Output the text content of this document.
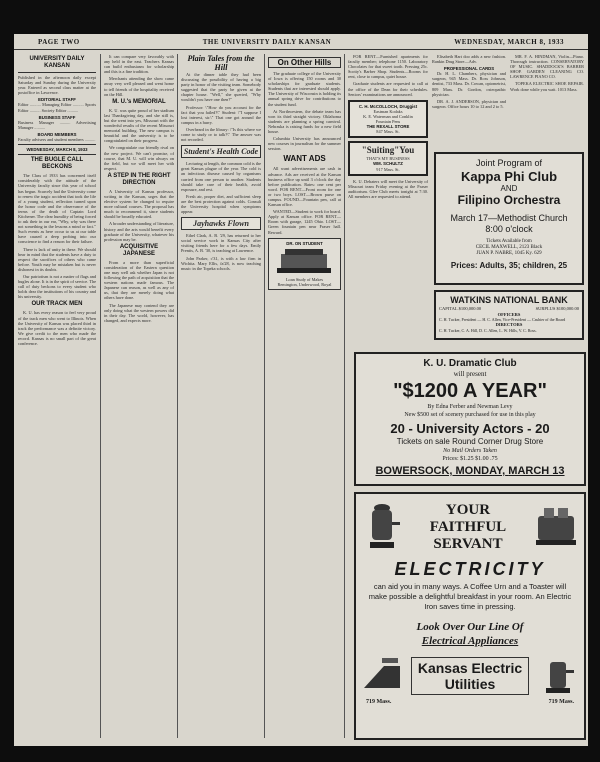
PAGE TWO	THE UNIVERSITY DAILY KANSAN	WEDNESDAY, MARCH 8, 1933
UNIVERSITY DAILY KANSAN

Published in the afternoon daily except Saturday and Sunday during the University year. Entered as second class matter at the postoffice in Lawrence.

EDITORIAL STAFF

Editor .......... Managing Editor .......... Sports Editor .......... Society Editor ..........

BUSINESS STAFF

Business Manager .......... Advertising Manager ..........

BOARD MEMBERS

Faculty advisers and student members ..........

WEDNESDAY, MARCH 8, 1933
THE BUGLE CALL BECKONS

The Class of 1933 has concerned itself considerably with the attitude of the University faculty since this year of school has begun. Scarcely had the University come to renew the tragic accident that took the life of a young student, reflection turned upon the honor code and the observance of the terms of the death of Captain Lord Kitchener. The clear humility of being forced to ask their in our ear, "Why, why was there not something in the lessons a mind or fact." Such events as here occur to us at our table have caused a deep probing into our conscience to find a reason for their failure.

There is lack of unity in these. We should bear in mind that the students have a duty to respect the sacrifices of others who came before. Youth may be mistaken but is never dishonest in its doubts.

Our patriotism is not a matter of flags and bugles alone. It is in the spirit of service. The call of duty beckons to every student who holds dear the institutions of his country and his university.

OUR TRACK MEN

K. U. has every reason to feel very proud of the track men who went to Illinois. When the University of Kansas was placed third in track the performance was a definite victory. We give credit to the men who made the record. Kansas is no small part of the great conference.

It can compare very favorably with any held in the east. Teachers Kansas can build enthusiasm for scholarship and this is a fine tradition.

Merchants attending the show came away very well pleased and went home to tell friends of the hospitality received on the Hill.

M. U.'s MEMORIAL

K. U. was quite proud of her stadium last Thanksgiving day, and she still is, but she went into yes, Missouri with the wonderful results of the recent Missouri memorial building. The new campus is beautiful and the university is to be congratulated on their progress.

We congratulate our friendly rival on the new project. We can't promise, of course, that M. U. will win always on the field, but we will meet her with respect.

A STEP IN THE RIGHT DIRECTION

A University of Kansas professor, writing in the Kansan, urges that the elective system be changed to require more cultural courses. The proposal has much to recommend it, since students should be broadly educated.

A broader understanding of literature, history and the arts would benefit every graduate of the University, whatever his profession may be.

ACQUISITIVE JAPANESE

From a more than superficial consideration of the Eastern question one may well ask whether Japan is not following the path of acquisition that the western nations made famous. The Japanese can reason, as well as any of us, that they are merely doing what others have done.

The Japanese may contend they are only doing what the western powers did in their day. The world, however, has changed, and expects more.

Plain Tales from the Hill

At the dinner table they had been discussing the possibility of having a big party in honor of the visiting team. Somebody suggested that the party be given at the chapter house. "Well," she queried, "Why wouldn't you have one then?"

Professor: \"How do you account for the fact that you failed?\" Student: \"I suppose I lost interest, sir.\" That one got around the campus in a hurry.

Overheard in the library: \"Is this where we come to study or to talk?\" The answer was not recorded.

Student's Health Code

Lecturing at length, the common cold is the great Kansas plague of the year. The cold is an infectious disease caused by organisms carried from one person to another. Students should take care of their health, avoid exposure, and rest.

Fresh air, proper diet, and sufficient sleep are the best protection against colds. Consult the University hospital when symptoms appear.

Jayhawks Flown

Ethel Clark, A. B. '29, has returned to her social service work in Kansas City after visiting friends here for a few days. Emily Prentis, A. B. '30, is teaching at Lawrence.

John Parker, c'31, is with a law firm in Wichita. Mary Ellis, fa'28, is now teaching music in the Topeka schools.

On Other Hills

The graduate college of the University of Iowa is offering 150 rooms and 30 scholarships for graduate students. Students that are interested should apply. The University of Wisconsin is holding its annual spring drive for contributions to the student fund.

At Northwestern, the debate team has won its third straight victory. Oklahoma students are planning a spring carnival. Nebraska is raising funds for a new field house.

Columbia University has announced new courses in journalism for the summer session.

WANT ADS

All want advertisements are cash in advance. Ads are received at the Kansan business office up until 3 o'clock the day before publication. Rates: one cent per word. FOR RENT—Front room for one or two boys. LOST—Brown purse on campus. FOUND—Fountain pen, call at Kansan office.

WANTED—Student to work for board. Apply at Kansan office. FOR RENT—Room with garage, 1245 Ohio. LOST—Green fountain pen near Fraser hall. Reward.

DR. ON STUDENT
Loan Study of Makes
Remington, Underwood, Royal

FOR RENT—Furnished apartments for faculty member; telephone 1150. Laboratory Chocolates for that sweet tooth. Pressing 25c. Scotty's Barber Shop. Students—Rooms for rent, close to campus, quiet house.

Graduate students are requested to call at the office of the Dean for their schedules. Seniors' examinations are announced.

C. H. McCOLLOCH, Druggist
Eastman Kodaks
K. E. Waterman and Conklin
Fountain Pens
THE REXALL STORE
847 Mass. St.
"Suiting"You
THAT'S MY BUSINESS
WM. SCHULTZ
917 Mass. St.

K. U. Debaters will meet the University of Missouri team Friday evening at the Fraser auditorium. Glee Club meets tonight at 7:30. All members are requested to attend.

Elisabeth Hart doo adds a new fashion. Rankin Drug Store—Adv.

PROFESSIONAL CARDS

Dr. H. L. Chambers, physician and surgeon, 945 Mass. Dr. Ross Johnson, dentist, 733 Mass. Dr. Cowan, optometrist, 809 Mass. Dr. Gordon, osteopathic physician.

DR. A. J. ANDERSON, physician and surgeon. Office hours 10 to 12 and 2 to 5.

MR. F. A. HINDMAN, Violin—Piano. Thorough instruction. CONSERVATORY OF MUSIC. SHADDOCK'S BARBER SHOP. GARDEN CLEANING CO. LAWRENCE PIANO CO.

TOPEKA ELECTRIC SHOE REPAIR. Work done while you wait. 1013 Mass.

Joint Program of
Kappa Phi Club
AND
Filipino Orchestra
March 17—Methodist Church
8:00 o'clock
Tickets Available from
CECIL MAXWELL, 2123 Black
JUAN P. NABRE, 1045 Ky. 629
Prices: Adults, 35; children, 25
WATKINS NATIONAL BANK
CAPITAL $100,000.00	SURPLUS $100,000.00
OFFICERS
C. H. Tucker, President — H. C. Allen, Vice-President — Cashier of the Board
DIRECTORS
C. H. Tucker, C. A. Hill, D. C. Allen, L. W. Hills, V. C. Ross.
K. U. Dramatic Club
will present
"$1200 A YEAR"
By Edna Ferber and Newman Levy
New $500 set of scenery purchased for use in this play
20 - University Actors - 20
Tickets on sale Round Corner Drug Store
No Mail Orders Taken
Prices: $1.25 $1.00 .75
BOWERSOCK, MONDAY, MARCH 13
YOUR
FAITHFUL
SERVANT
ELECTRICITY
can aid you in many ways. A Coffee Urn and a Toaster will make possible a delightful breakfast in your room. An Electric Iron saves time in pressing.
Look Over Our Line Of
Electrical Appliances
Kansas Electric
Utilities
719 Mass.	719 Mass.
